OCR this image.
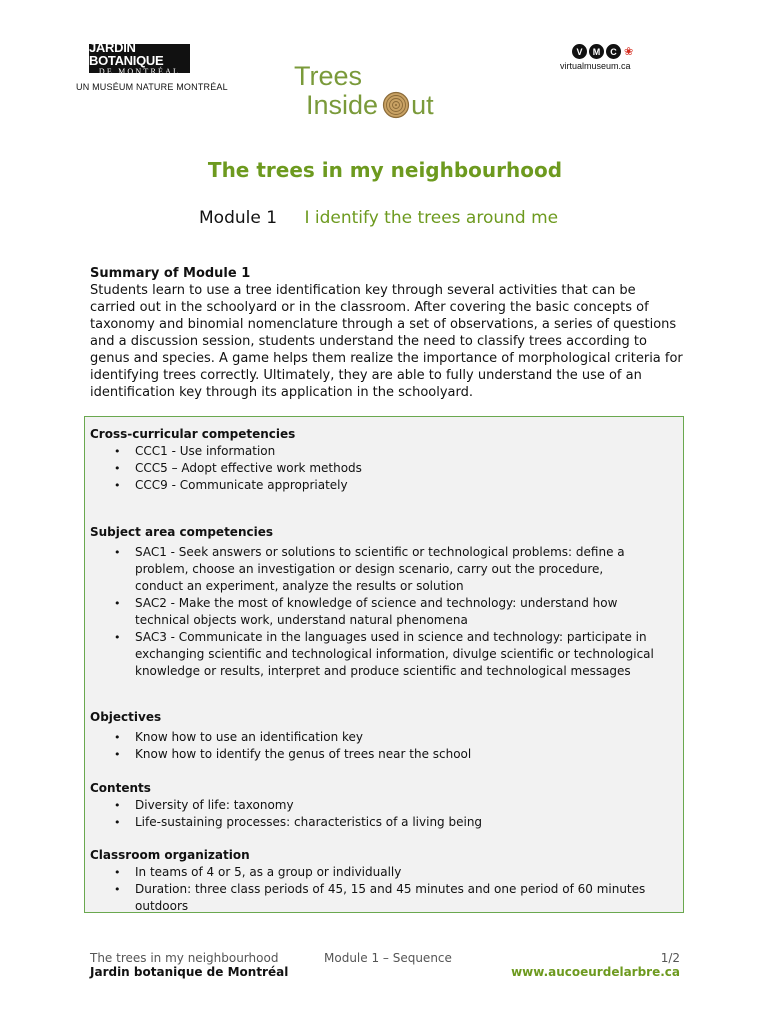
JARDIN BOTANIQUE
DE MONTRÉAL
UN MUSÉUM NATURE MONTRÉAL
V	M	C ❀
virtualmuseum.ca
Trees
Inside ut
The trees in my neighbourhood
Module 1 I identify the trees around me
Summary of Module 1
Students learn to use a tree identification key through several activities that can be carried out in the schoolyard or in the classroom. After covering the basic concepts of taxonomy and binomial nomenclature through a set of observations, a series of questions and a discussion session, students understand the need to classify trees according to genus and species. A game helps them realize the importance of morphological criteria for identifying trees correctly. Ultimately, they are able to fully understand the use of an identification key through its application in the schoolyard.
Cross-curricular competencies
• CCC1 - Use information
• CCC5 – Adopt effective work methods
• CCC9 - Communicate appropriately
Subject area competencies
• SAC1 - Seek answers or solutions to scientific or technological problems: define a problem, choose an investigation or design scenario, carry out the procedure, conduct an experiment, analyze the results or solution
• SAC2 - Make the most of knowledge of science and technology: understand how technical objects work, understand natural phenomena
• SAC3 - Communicate in the languages used in science and technology: participate in exchanging scientific and technological information, divulge scientific or technological knowledge or results, interpret and produce scientific and technological messages
Objectives
• Know how to use an identification key
• Know how to identify the genus of trees near the school
Contents
• Diversity of life: taxonomy
• Life-sustaining processes: characteristics of a living being
Classroom organization
• In teams of 4 or 5, as a group or individually
• Duration: three class periods of 45, 15 and 45 minutes and one period of 60 minutes outdoors
The trees in my neighbourhood
Jardin botanique de Montréal
Module 1 – Sequence	1/2
www.aucoeurdelarbre.ca
